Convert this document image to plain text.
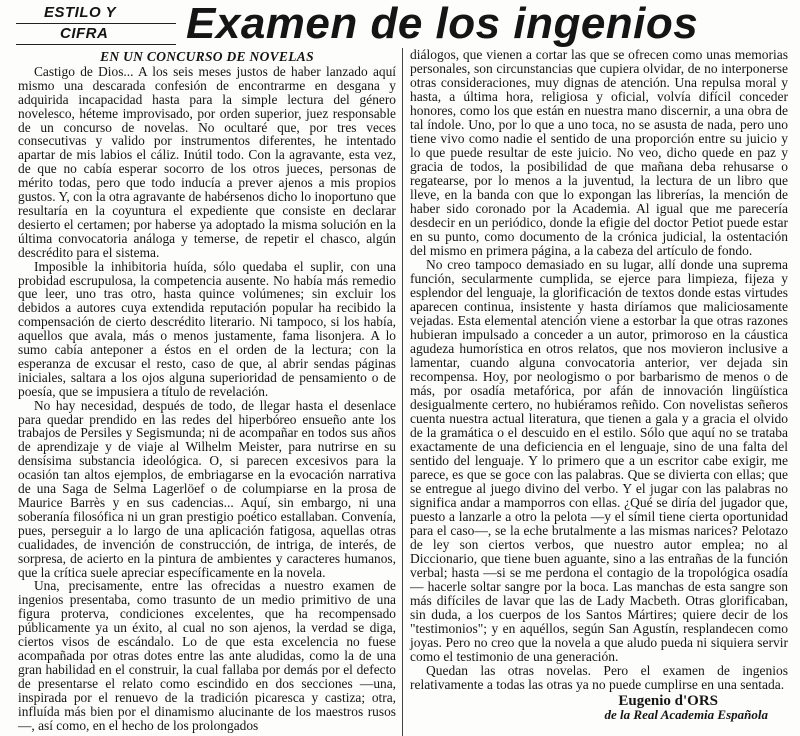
ESTILO Y
CIFRA	Examen de los ingenios
EN UN CONCURSO DE NOVELAS

Castigo de Dios... A los seis meses justos de haber lanzado aquí mismo una descarada confesión de encontrarme en desgana y adquirida incapacidad hasta para la simple lectura del género novelesco, héteme improvisado, por orden superior, juez responsable de un concurso de novelas. No ocultaré que, por tres veces consecutivas y valido por instrumentos diferentes, he intentado apartar de mis labios el cáliz. Inútil todo. Con la agravante, esta vez, de que no cabía esperar socorro de los otros jueces, personas de mérito todas, pero que todo inducía a prever ajenos a mis propios gustos. Y, con la otra agravante de habérsenos dicho lo inoportuno que resultaría en la coyuntura el expediente que consiste en declarar desierto el certamen; por haberse ya adoptado la misma solución en la última convocatoria análoga y temerse, de repetir el chasco, algún descrédito para el sistema.

Imposible la inhibitoria huída, sólo quedaba el suplir, con una probidad escrupulosa, la competencia ausente. No había más remedio que leer, uno tras otro, hasta quince volúmenes; sin excluir los debidos a autores cuya extendida reputación popular ha recibido la compensación de cierto descrédito literario. Ni tampoco, si los había, aquellos que avala, más o menos justamente, fama lisonjera. A lo sumo cabía anteponer a éstos en el orden de la lectura; con la esperanza de excusar el resto, caso de que, al abrir sendas páginas iniciales, saltara a los ojos alguna superioridad de pensamiento o de poesía, que se impusiera a título de revelación.

No hay necesidad, después de todo, de llegar hasta el desenlace para quedar prendido en las redes del hiperbóreo ensueño ante los trabajos de Persiles y Segismunda; ni de acompañar en todos sus años de aprendizaje y de viaje al Wilhelm Meister, para nutrirse en su densísima substancia ideológica. O, si parecen excesivos para la ocasión tan altos ejemplos, de embriagarse en la evocación narrativa de una Saga de Selma Lagerlöef o de columpiarse en la prosa de Maurice Barrès y en sus cadencias... Aquí, sin embargo, ni una soberanía filosófica ni un gran prestigio poético estallaban. Convenía, pues, perseguir a lo largo de una aplicación fatigosa, aquellas otras cualidades, de invención de construcción, de intriga, de interés, de sorpresa, de acierto en la pintura de ambientes y caracteres humanos, que la crítica suele apreciar específicamente en la novela.

Una, precisamente, entre las ofrecidas a nuestro examen de ingenios presentaba, como trasunto de un medio primitivo de una figura proterva, condiciones excelentes, que ha recompensado públicamente ya un éxito, al cual no son ajenos, la verdad se diga, ciertos visos de escándalo. Lo de que esta excelencia no fuese acompañada por otras dotes entre las ante aludidas, como la de una gran habilidad en el construir, la cual fallaba por demás por el defecto de presentarse el relato como escindido en dos secciones —una, inspirada por el renuevo de la tradición picaresca y castiza; otra, influída más bien por el dinamismo alucinante de los maestros rusos—, así como, en el hecho de los prolongados

diálogos, que vienen a cortar las que se ofrecen como unas memorias personales, son circunstancias que cupiera olvidar, de no interponerse otras consideraciones, muy dignas de atención. Una repulsa moral y hasta, a última hora, religiosa y oficial, volvía difícil conceder honores, como los que están en nuestra mano discernir, a una obra de tal índole. Uno, por lo que a uno toca, no se asusta de nada, pero uno tiene vivo como nadie el sentido de una proporción entre su juicio y lo que puede resultar de este juicio. No veo, dicho quede en paz y gracia de todos, la posibilidad de que mañana deba rehusarse o regatearse, por lo menos a la juventud, la lectura de un libro que lleve, en la banda con que lo expongan las librerías, la mención de haber sido coronado por la Academia. Al igual que me parecería desdecir en un periódico, donde la efigie del doctor Petiot puede estar en su punto, como documento de la crónica judicial, la ostentación del mismo en primera página, a la cabeza del artículo de fondo.

No creo tampoco demasiado en su lugar, allí donde una suprema función, secularmente cumplida, se ejerce para limpieza, fijeza y esplendor del lenguaje, la glorificación de textos donde estas virtudes aparecen continua, insistente y hasta diríamos que maliciosamente vejadas. Esta elemental atención viene a estorbar la que otras razones hubieran impulsado a conceder a un autor, primoroso en la cáustica agudeza humorística en otros relatos, que nos movieron inclusive a lamentar, cuando alguna convocatoria anterior, ver dejada sin recompensa. Hoy, por neologismo o por barbarismo de menos o de más, por osadía metafórica, por afán de innovación lingüística desigualmente certero, no hubiéramos reñido. Con novelistas señeros cuenta nuestra actual literatura, que tienen a gala y a gracia el olvido de la gramática o el descuido en el estilo. Sólo que aquí no se trataba exactamente de una deficiencia en el lenguaje, sino de una falta del sentido del lenguaje. Y lo primero que a un escritor cabe exigir, me parece, es que se goce con las palabras. Que se divierta con ellas; que se entregue al juego divino del verbo. Y el jugar con las palabras no significa andar a mamporros con ellas. ¿Qué se diría del jugador que, puesto a lanzarle a otro la pelota —y el símil tiene cierta oportunidad para el caso—, se la eche brutalmente a las mismas narices? Pelotazo de ley son ciertos verbos, que nuestro autor emplea; no al Diccionario, que tiene buen aguante, sino a las entrañas de la función verbal; hasta —si se me perdona el contagio de la tropológica osadía— hacerle soltar sangre por la boca. Las manchas de esta sangre son más difíciles de lavar que las de Lady Macbeth. Otras glorificaban, sin duda, a los cuerpos de los Santos Mártires; quiere decir de los "testimonios"; y en aquéllos, según San Agustín, resplandecen como joyas. Pero no creo que la novela a que aludo pueda ni siquiera servir como el testimonio de una generación.

Quedan las otras novelas. Pero el examen de ingenios relativamente a todas las otras ya no puede cumplirse en una sentada.

Eugenio d'ORS
de la Real Academia Española
